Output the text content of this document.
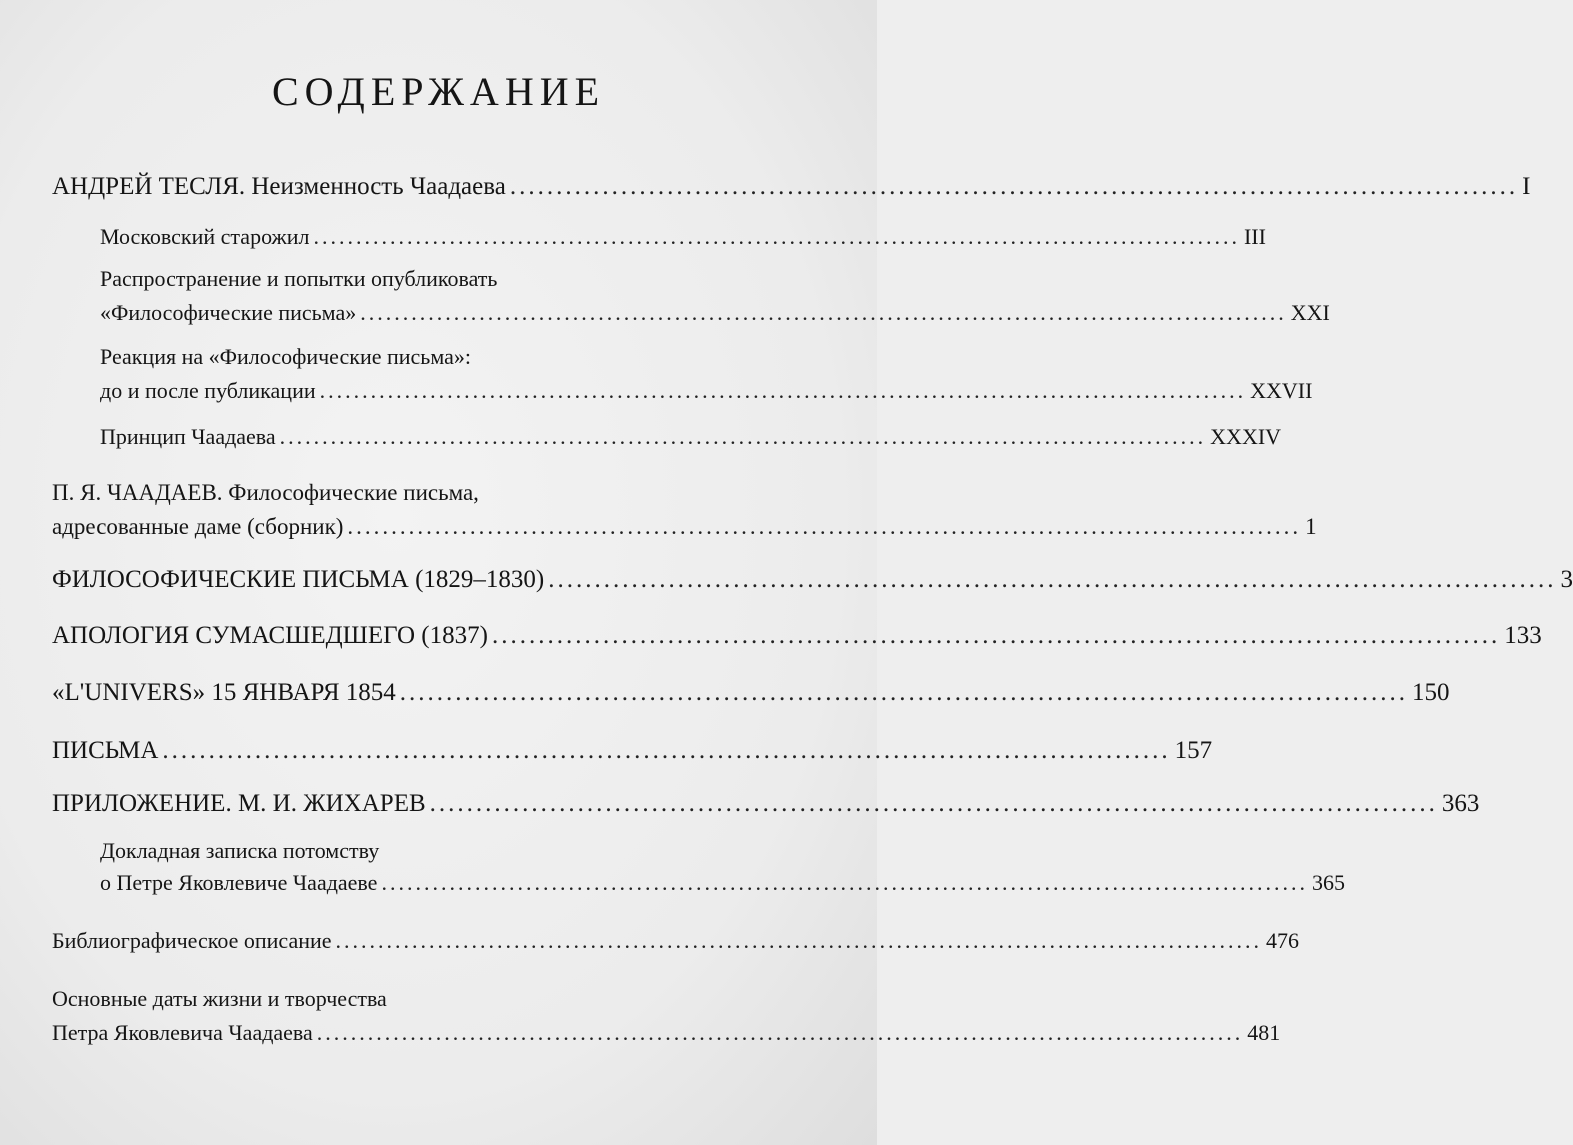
СОДЕРЖАНИЕ
АНДРЕЙ ТЕСЛЯ. Неизменность Чаадаева ............................................................................................................. I
Московский старожил ............................................................................................................. III
Распространение и попытки опубликовать
«Философические письма» ............................................................................................................. XXI
Реакция на «Философические письма»:
до и после публикации ............................................................................................................. XXVII
Принцип Чаадаева ............................................................................................................. XXXIV
П. Я. ЧААДАЕВ. Философические письма,
адресованные даме (сборник) ............................................................................................................. 1
ФИЛОСОФИЧЕСКИЕ ПИСЬМА (1829–1830) ............................................................................................................. 3
АПОЛОГИЯ СУМАСШЕДШЕГО (1837) ............................................................................................................. 133
«L'UNIVERS» 15 ЯНВАРЯ 1854 ............................................................................................................. 150
ПИСЬМА ............................................................................................................. 157
ПРИЛОЖЕНИЕ. М. И. ЖИХАРЕВ ............................................................................................................. 363
Докладная записка потомству
о Петре Яковлевиче Чаадаеве ............................................................................................................. 365
Библиографическое описание ............................................................................................................. 476
Основные даты жизни и творчества
Петра Яковлевича Чаадаева ............................................................................................................. 481
